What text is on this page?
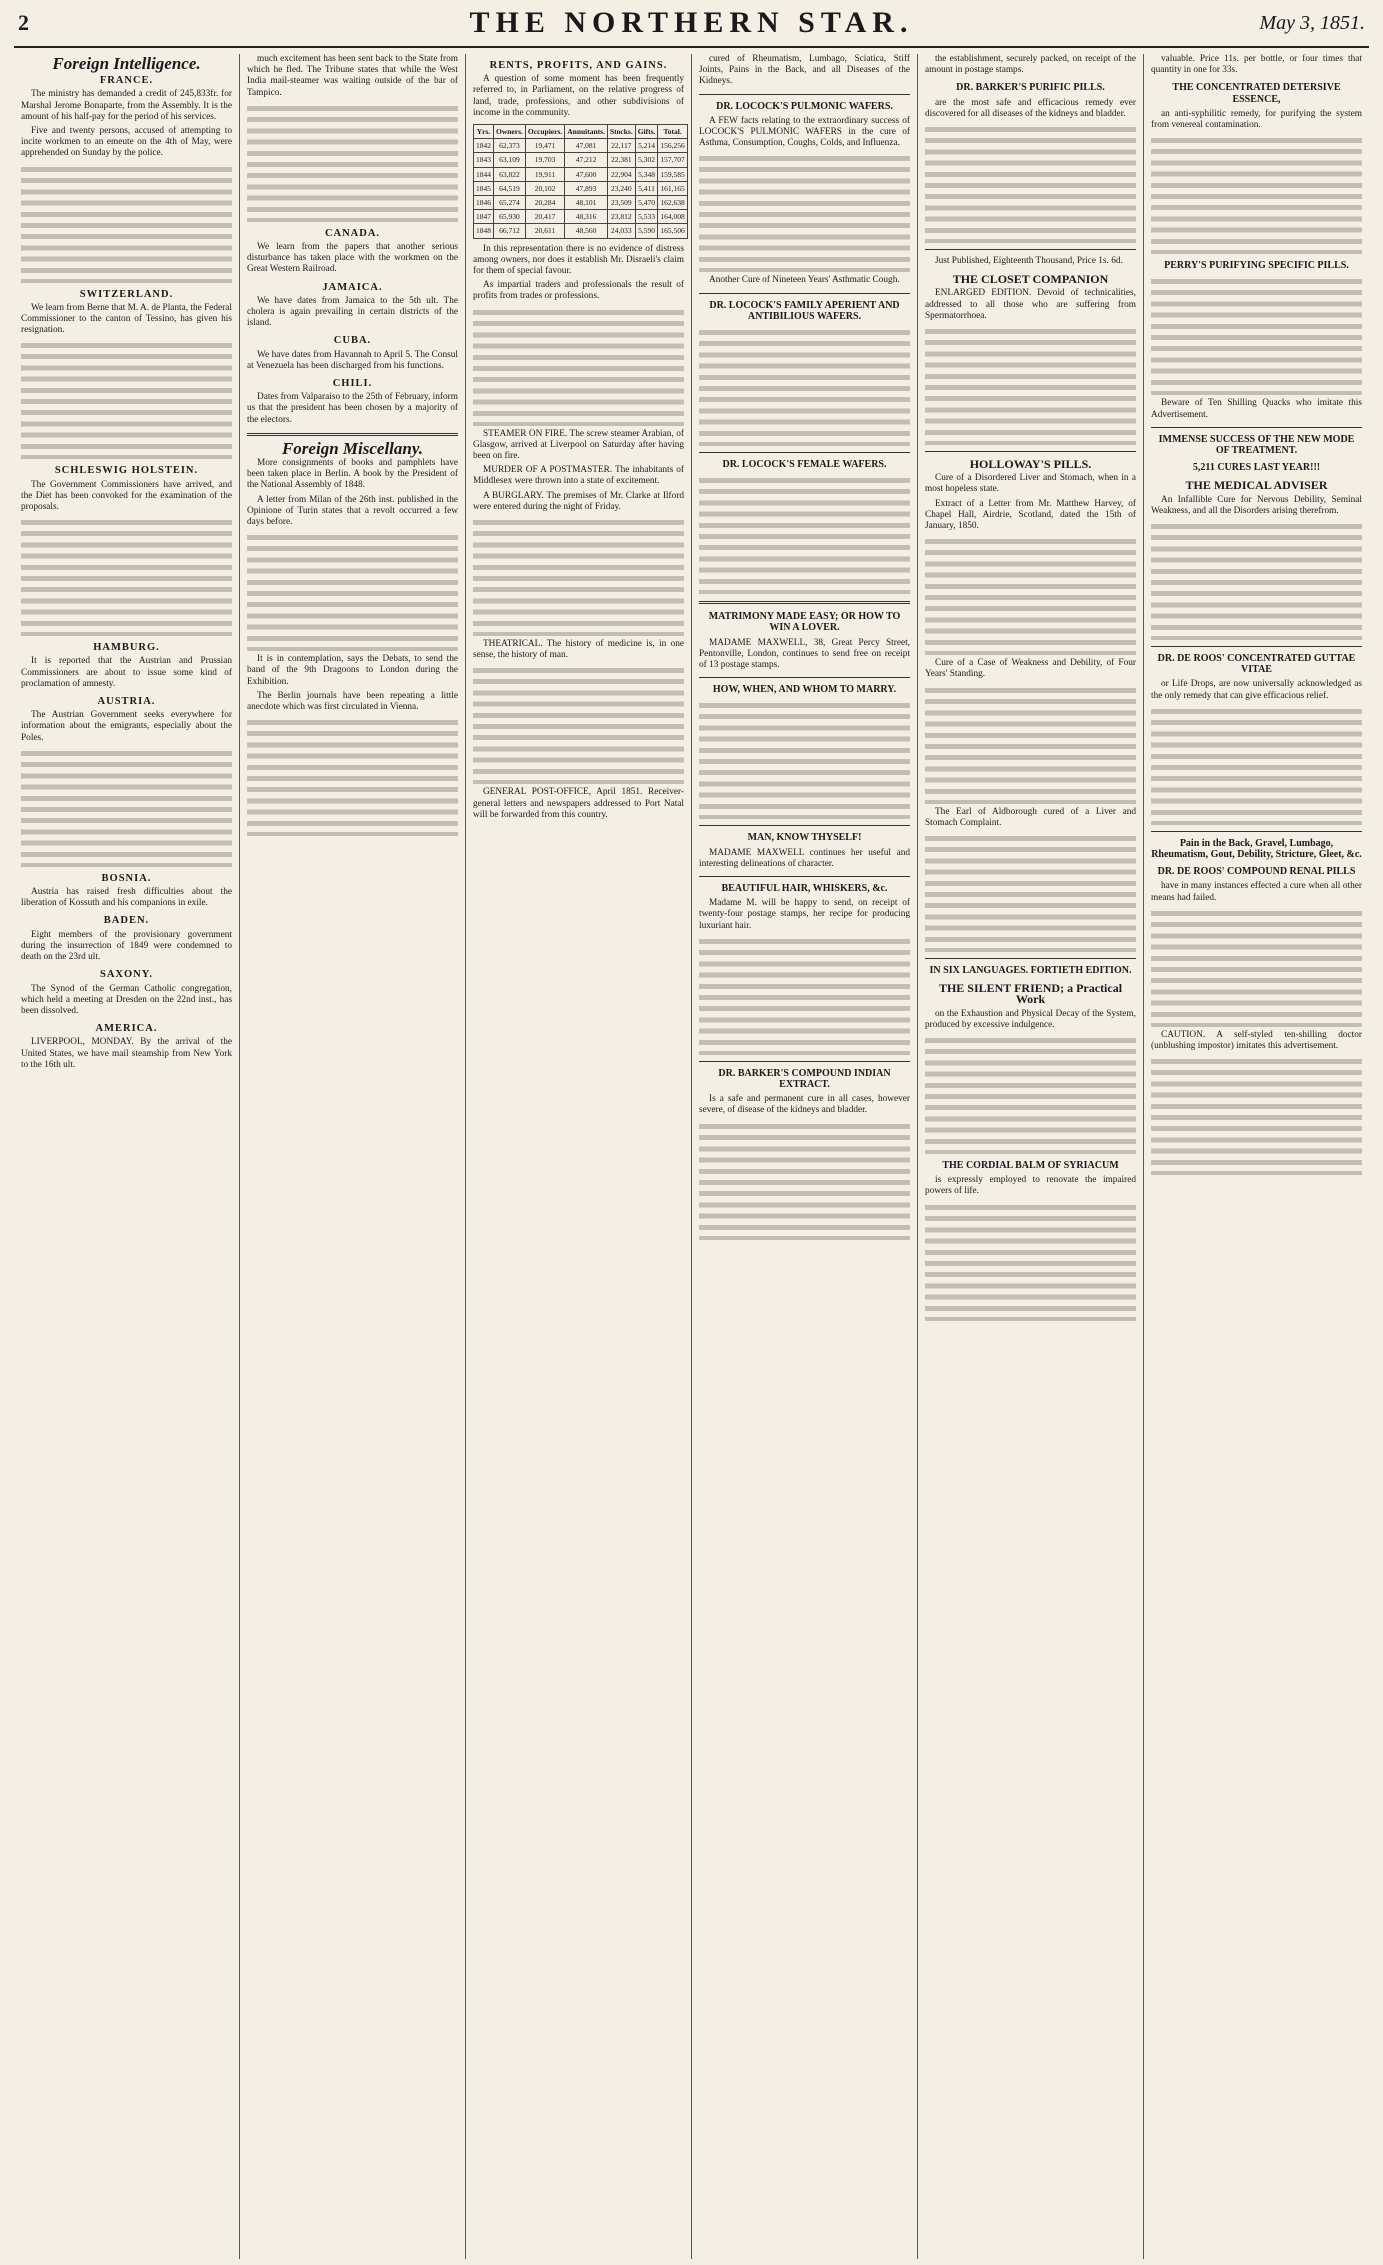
2	THE NORTHERN STAR.	May 3, 1851.
Foreign Intelligence.
FRANCE.

The ministry has demanded a credit of 245,833fr. for Marshal Jerome Bonaparte, from the Assembly. It is the amount of his half-pay for the period of his services.

Five and twenty persons, accused of attempting to incite workmen to an emeute on the 4th of May, were apprehended on Sunday by the police.

SWITZERLAND.

We learn from Berne that M. A. de Planta, the Federal Commissioner to the canton of Tessino, has given his resignation.

SCHLESWIG HOLSTEIN.

The Government Commissioners have arrived, and the Diet has been convoked for the examination of the proposals.

HAMBURG.

It is reported that the Austrian and Prussian Commissioners are about to issue some kind of proclamation of amnesty.

AUSTRIA.

The Austrian Government seeks everywhere for information about the emigrants, especially about the Poles.

BOSNIA.

Austria has raised fresh difficulties about the liberation of Kossuth and his companions in exile.

BADEN.

Eight members of the provisionary government during the insurrection of 1849 were condemned to death on the 23rd ult.

SAXONY.

The Synod of the German Catholic congregation, which held a meeting at Dresden on the 22nd inst., has been dissolved.

AMERICA.

LIVERPOOL, MONDAY. By the arrival of the United States, we have mail steamship from New York to the 16th ult.

much excitement has been sent back to the State from which he fled. The Tribune states that while the West India mail-steamer was waiting outside of the bar of Tampico.

CANADA.

We learn from the papers that another serious disturbance has taken place with the workmen on the Great Western Railroad.

JAMAICA.

We have dates from Jamaica to the 5th ult. The cholera is again prevailing in certain districts of the island.

CUBA.

We have dates from Havannah to April 5. The Consul at Venezuela has been discharged from his functions.

CHILI.

Dates from Valparaiso to the 25th of February, inform us that the president has been chosen by a majority of the electors.

Foreign Miscellany.

More consignments of books and pamphlets have been taken place in Berlin. A book by the President of the National Assembly of 1848.

A letter from Milan of the 26th inst. published in the Opinione of Turin states that a revolt occurred a few days before.

It is in contemplation, says the Debats, to send the band of the 9th Dragoons to London during the Exhibition.

The Berlin journals have been repeating a little anecdote which was first circulated in Vienna.

RENTS, PROFITS, AND GAINS.

A question of some moment has been frequently referred to, in Parliament, on the relative progress of land, trade, professions, and other subdivisions of income in the community.

Yrs.	Owners.	Occupiers.	Annuitants.	Stocks.	Gifts.	Total.
1842	62,373	19,471	47,081	22,117	5,214	156,256
1843	63,109	19,703	47,212	22,381	5,302	157,707
1844	63,822	19,911	47,600	22,904	5,348	159,585
1845	64,519	20,102	47,893	23,240	5,411	161,165
1846	65,274	20,284	48,101	23,509	5,470	162,638
1847	65,930	20,417	48,316	23,812	5,533	164,008
1848	66,712	20,611	48,560	24,033	5,590	165,506

In this representation there is no evidence of distress among owners, nor does it establish Mr. Disraeli's claim for them of special favour.

As impartial traders and professionals the result of profits from trades or professions.

STEAMER ON FIRE. The screw steamer Arabian, of Glasgow, arrived at Liverpool on Saturday after having been on fire.

MURDER OF A POSTMASTER. The inhabitants of Middlesex were thrown into a state of excitement.

A BURGLARY. The premises of Mr. Clarke at Ilford were entered during the night of Friday.

THEATRICAL. The history of medicine is, in one sense, the history of man.

GENERAL POST-OFFICE, April 1851. Receiver-general letters and newspapers addressed to Port Natal will be forwarded from this country.

cured of Rheumatism, Lumbago, Sciatica, Stiff Joints, Pains in the Back, and all Diseases of the Kidneys.

DR. LOCOCK'S PULMONIC WAFERS.

A FEW facts relating to the extraordinary success of LOCOCK'S PULMONIC WAFERS in the cure of Asthma, Consumption, Coughs, Colds, and Influenza.

Another Cure of Nineteen Years' Asthmatic Cough.

DR. LOCOCK'S FAMILY APERIENT AND ANTIBILIOUS WAFERS.
DR. LOCOCK'S FEMALE WAFERS.
MATRIMONY MADE EASY; OR HOW TO WIN A LOVER.

MADAME MAXWELL, 38, Great Percy Street, Pentonville, London, continues to send free on receipt of 13 postage stamps.

HOW, WHEN, AND WHOM TO MARRY.
MAN, KNOW THYSELF!

MADAME MAXWELL continues her useful and interesting delineations of character.

BEAUTIFUL HAIR, WHISKERS, &c.

Madame M. will be happy to send, on receipt of twenty-four postage stamps, her recipe for producing luxuriant hair.

DR. BARKER'S COMPOUND INDIAN EXTRACT.

Is a safe and permanent cure in all cases, however severe, of disease of the kidneys and bladder.

the establishment, securely packed, on receipt of the amount in postage stamps.

DR. BARKER'S PURIFIC PILLS.

are the most safe and efficacious remedy ever discovered for all diseases of the kidneys and bladder.

Just Published, Eighteenth Thousand, Price 1s. 6d.

THE CLOSET COMPANION

ENLARGED EDITION. Devoid of technicalities, addressed to all those who are suffering from Spermatorrhoea.

HOLLOWAY'S PILLS.

Cure of a Disordered Liver and Stomach, when in a most hopeless state.

Extract of a Letter from Mr. Matthew Harvey, of Chapel Hall, Airdrie, Scotland, dated the 15th of January, 1850.

Cure of a Case of Weakness and Debility, of Four Years' Standing.

The Earl of Aldborough cured of a Liver and Stomach Complaint.

IN SIX LANGUAGES. FORTIETH EDITION.
THE SILENT FRIEND; a Practical Work

on the Exhaustion and Physical Decay of the System, produced by excessive indulgence.

THE CORDIAL BALM OF SYRIACUM

is expressly employed to renovate the impaired powers of life.

valuable. Price 11s. per bottle, or four times that quantity in one for 33s.

THE CONCENTRATED DETERSIVE ESSENCE,

an anti-syphilitic remedy, for purifying the system from venereal contamination.

PERRY'S PURIFYING SPECIFIC PILLS.

Beware of Ten Shilling Quacks who imitate this Advertisement.

IMMENSE SUCCESS OF THE NEW MODE OF TREATMENT.
5,211 CURES LAST YEAR!!!
THE MEDICAL ADVISER

An Infallible Cure for Nervous Debility, Seminal Weakness, and all the Disorders arising therefrom.

DR. DE ROOS' CONCENTRATED GUTTAE VITAE

or Life Drops, are now universally acknowledged as the only remedy that can give efficacious relief.

Pain in the Back, Gravel, Lumbago, Rheumatism, Gout, Debility, Stricture, Gleet, &c.
DR. DE ROOS' COMPOUND RENAL PILLS

have in many instances effected a cure when all other means had failed.

CAUTION. A self-styled ten-shilling doctor (unblushing impostor) imitates this advertisement.
